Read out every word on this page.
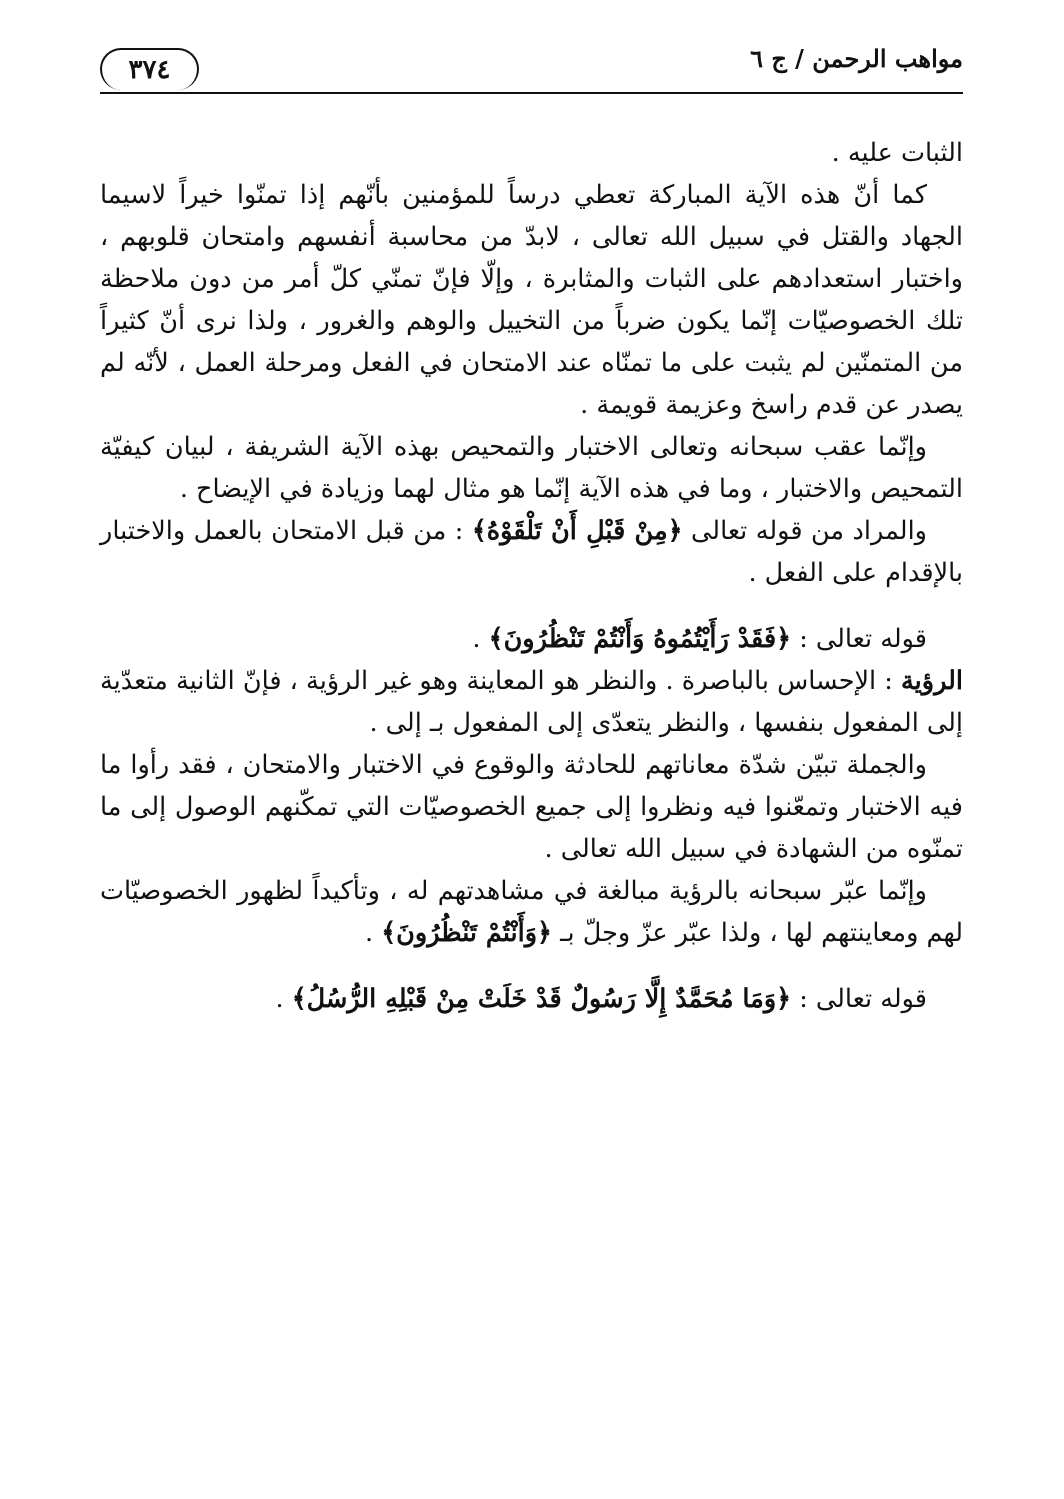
مواهب الرحمن / ج ٦
٣٧٤

الثبات عليه .

كما أنّ هذه الآية المباركة تعطي درساً للمؤمنين بأنّهم إذا تمنّوا خيراً لاسيما الجهاد والقتل في سبيل الله تعالى ، لابدّ من محاسبة أنفسهم وامتحان قلوبهم ، واختبار استعدادهم على الثبات والمثابرة ، وإلّا فإنّ تمنّي كلّ أمر من دون ملاحظة تلك الخصوصيّات إنّما يكون ضرباً من التخييل والوهم والغرور ، ولذا نرى أنّ كثيراً من المتمنّين لم يثبت على ما تمنّاه عند الامتحان في الفعل ومرحلة العمل ، لأنّه لم يصدر عن قدم راسخ وعزيمة قويمة .

وإنّما عقب سبحانه وتعالى الاختبار والتمحيص بهذه الآية الشريفة ، لبيان كيفيّة التمحيص والاختبار ، وما في هذه الآية إنّما هو مثال لهما وزيادة في الإيضاح .

والمراد من قوله تعالى ﴿مِنْ قَبْلِ أَنْ تَلْقَوْهُ﴾ : من قبل الامتحان بالعمل والاختبار بالإقدام على الفعل .

قوله تعالى : ﴿فَقَدْ رَأَيْتُمُوهُ وَأَنْتُمْ تَنْظُرُونَ﴾ .

الرؤية : الإحساس بالباصرة . والنظر هو المعاينة وهو غير الرؤية ، فإنّ الثانية متعدّية إلى المفعول بنفسها ، والنظر يتعدّى إلى المفعول بـ إلى .

والجملة تبيّن شدّة معاناتهم للحادثة والوقوع في الاختبار والامتحان ، فقد رأوا ما فيه الاختبار وتمعّنوا فيه ونظروا إلى جميع الخصوصيّات التي تمكّنهم الوصول إلى ما تمنّوه من الشهادة في سبيل الله تعالى .

وإنّما عبّر سبحانه بالرؤية مبالغة في مشاهدتهم له ، وتأكيداً لظهور الخصوصيّات لهم ومعاينتهم لها ، ولذا عبّر عزّ وجلّ بـ ﴿وَأَنْتُمْ تَنْظُرُونَ﴾ .

قوله تعالى : ﴿وَمَا مُحَمَّدٌ إِلَّا رَسُولٌ قَدْ خَلَتْ مِنْ قَبْلِهِ الرُّسُلُ﴾ .
